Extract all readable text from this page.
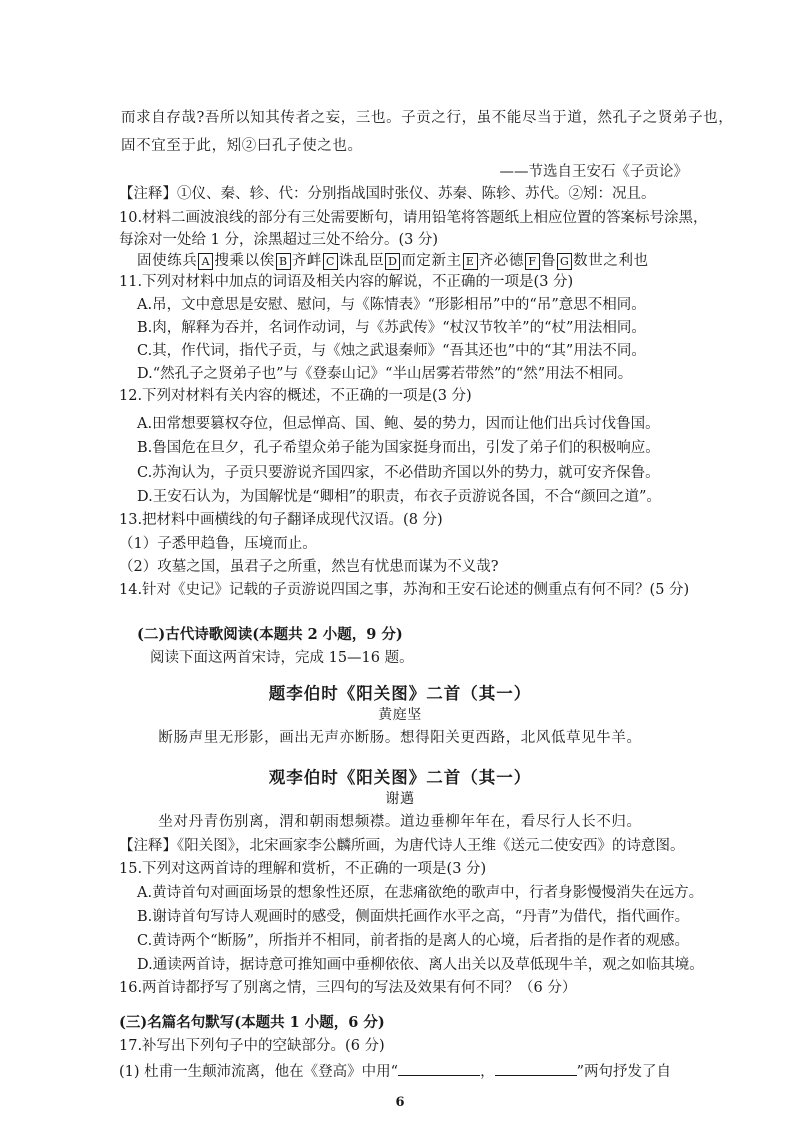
而求自存哉?吾所以知其传者之妄，三也。子贡之行，虽不能尽当于道，然孔子之贤弟子也，
固不宜至于此，矧②曰孔子使之也。
——节选自王安石《子贡论》
【注释】①仪、秦、轸、代：分别指战国时张仪、苏秦、陈轸、苏代。②矧：况且。
10.材料二画波浪线的部分有三处需要断句，请用铅笔将答题纸上相应位置的答案标号涂黑，
每涂对一处给 1 分，涂黑超过三处不给分。(3 分)
固使练兵 A 搜乘以俟 B 齐衅 C 诛乱臣 D 而定新主 E 齐必德 F 鲁 G 数世之利也
11.下列对材料中加点的词语及相关内容的解说，不正确的一项是(3 分)
A.吊，文中意思是安慰、慰问，与《陈情表》“形影相吊”中的“吊”意思不相同。
B.肉，解释为吞并，名词作动词，与《苏武传》“杖汉节牧羊”的“杖”用法相同。
C.其，作代词，指代子贡，与《烛之武退秦师》“吾其还也”中的“其”用法不同。
D.“然孔子之贤弟子也”与《登泰山记》“半山居雾若带然”的“然”用法不相同。
12.下列对材料有关内容的概述，不正确的一项是(3 分)
A.田常想要篡权夺位，但忌惮高、国、鲍、晏的势力，因而让他们出兵讨伐鲁国。
B.鲁国危在旦夕，孔子希望众弟子能为国家挺身而出，引发了弟子们的积极响应。
C.苏洵认为，子贡只要游说齐国四家，不必借助齐国以外的势力，就可安齐保鲁。
D.王安石认为，为国解忧是“卿相”的职责，布衣子贡游说各国，不合“颜回之道”。
13.把材料中画横线的句子翻译成现代汉语。(8 分)
（1）子悉甲趋鲁，压境而止。
（2）攻墓之国，虽君子之所重，然岂有忧患而谋为不义哉?
14.针对《史记》记载的子贡游说四国之事，苏洵和王安石论述的侧重点有何不同？(5 分)
(二)古代诗歌阅读(本题共 2 小题，9 分)
阅读下面这两首宋诗，完成 15—16 题。
题李伯时《阳关图》二首（其一）
黄庭坚
断肠声里无形影，画出无声亦断肠。想得阳关更西路，北风低草见牛羊。
观李伯时《阳关图》二首（其一）
谢邁
坐对丹青伤别离，渭和朝雨想频襟。道边垂柳年年在，看尽行人长不归。
【注释】《阳关图》，北宋画家李公麟所画，为唐代诗人王维《送元二使安西》的诗意图。
15.下列对这两首诗的理解和赏析，不正确的一项是(3 分)
A.黄诗首句对画面场景的想象性还原，在悲痛欲绝的歌声中，行者身影慢慢消失在远方。
B.谢诗首句写诗人观画时的感受，侧面烘托画作水平之高，“丹青”为借代，指代画作。
C.黄诗两个“断肠”，所指并不相同，前者指的是离人的心境，后者指的是作者的观感。
D.通读两首诗，据诗意可推知画中垂柳依依、离人出关以及草低现牛羊，观之如临其境。
16.两首诗都抒写了别离之情，三四句的写法及效果有何不同？（6 分）
(三)名篇名句默写(本题共 1 小题，6 分)
17.补写出下列句子中的空缺部分。(6 分)
(1) 杜甫一生颠沛流离，他在《登高》中用“	，	”两句抒发了自
6
